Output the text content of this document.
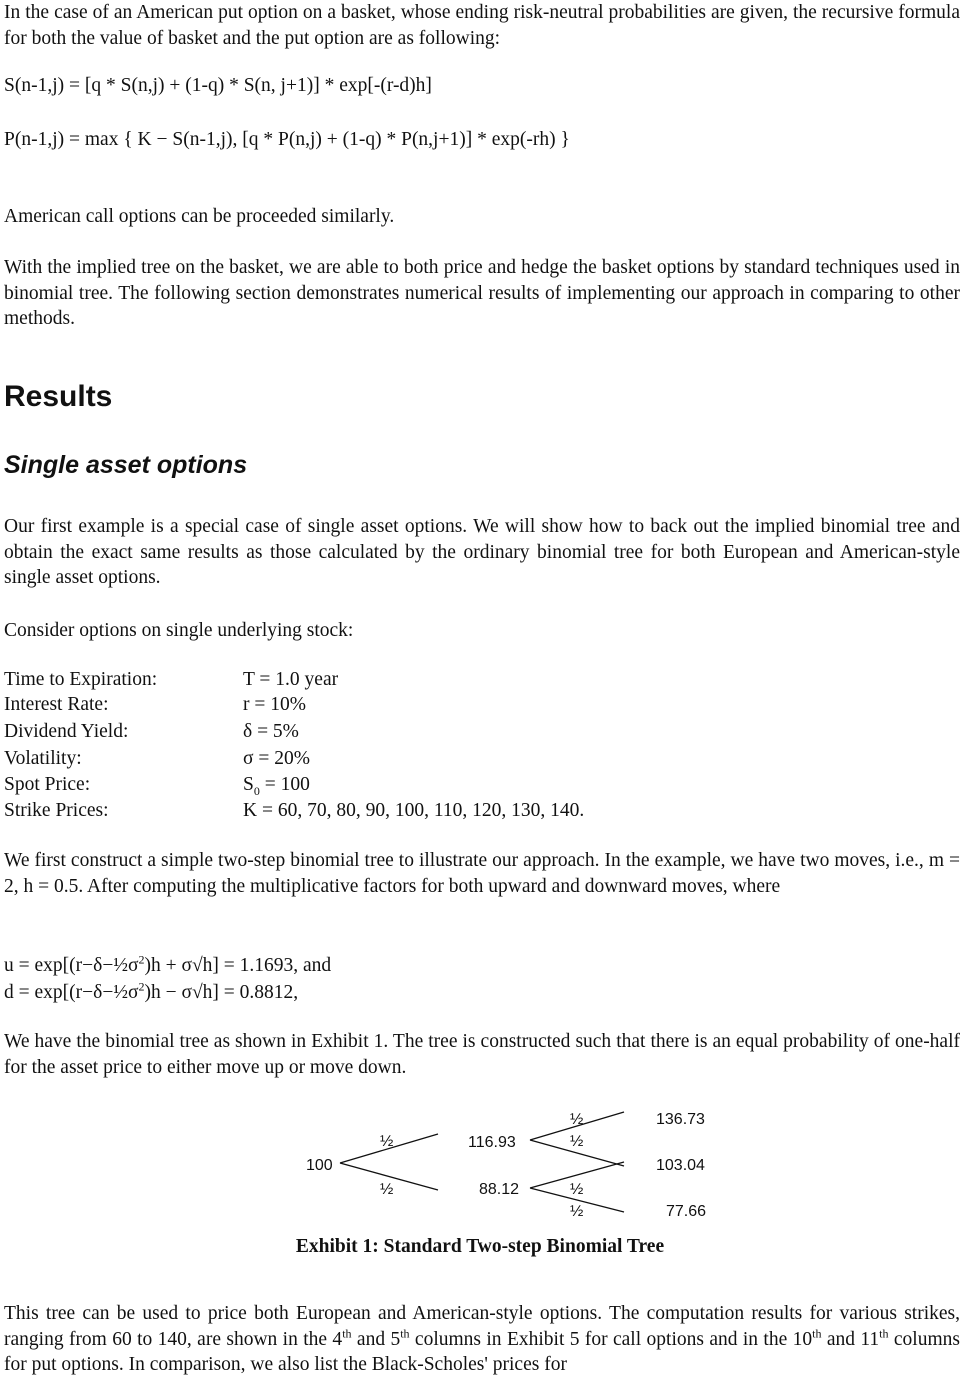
In the case of an American put option on a basket, whose ending risk-neutral probabilities are given, the recursive formula for both the value of basket and the put option are as following:

S(n-1,j) = [q * S(n,j) + (1-q) * S(n, j+1)] * exp[-(r-d)h]

P(n-1,j) = max { K − S(n-1,j), [q * P(n,j) + (1-q) * P(n,j+1)] * exp(-rh) }

American call options can be proceeded similarly.

With the implied tree on the basket, we are able to both price and hedge the basket options by standard techniques used in binomial tree. The following section demonstrates numerical results of implementing our approach in comparing to other methods.

Results
Single asset options

Our first example is a special case of single asset options. We will show how to back out the implied binomial tree and obtain the exact same results as those calculated by the ordinary binomial tree for both European and American-style single asset options.

Consider options on single underlying stock:

Time to Expiration:	T = 1.0 year
Interest Rate:	r = 10%
Dividend Yield:	δ = 5%
Volatility:	σ = 20%
Spot Price:	$S_0 = 100$
Strike Prices:	K = 60, 70, 80, 90, 100, 110, 120, 130, 140.

We first construct a simple two-step binomial tree to illustrate our approach. In the example, we have two moves, i.e., m = 2, h = 0.5. After computing the multiplicative factors for both upward and downward moves, where

$u = \exp[(r-\delta-\frac{1}{2}\sigma^2)h + \sigma√h] = 1.1693$, and

$d = \exp[(r-\delta-\frac{1}{2}\sigma^2)h - \sigma√h] = 0.8812$,

We have the binomial tree as shown in Exhibit 1. The tree is constructed such that there is an equal probability of one-half for the asset price to either move up or move down.

100
116.93
88.12
136.73
103.04
77.66
½
½
½
½
½
½

Exhibit 1: Standard Two-step Binomial Tree

This tree can be used to price both European and American-style options. The computation results for various strikes, ranging from 60 to 140, are shown in the 4th and 5th columns in Exhibit 5 for call options and in the 10th and 11th columns for put options. In comparison, we also list the Black-Scholes' prices for
